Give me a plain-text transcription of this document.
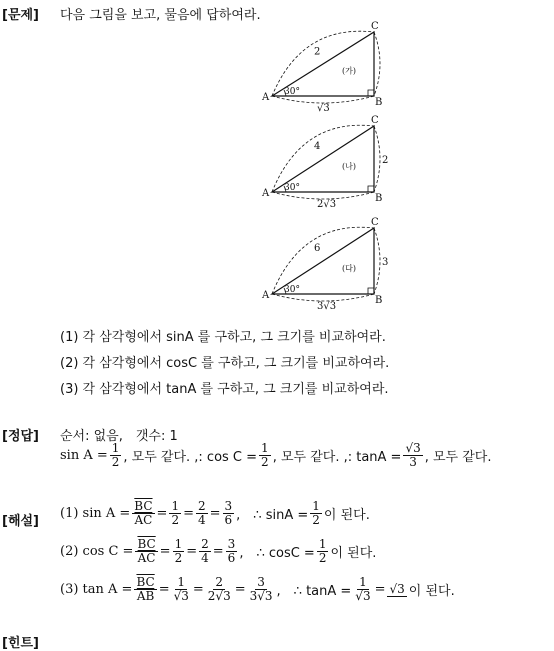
[문제] 다음 그림을 보고, 물음에 답하여라.
A	B
C
30°
2
√3
(가)
A	B
C
30°
4
2√3
2
(나)
A	B
C
30°
6
3√3
3
(다)
(1) 각 삼각형에서 sinA 를 구하고, 그 크기를 비교하여라.
(2) 각 삼각형에서 cosC 를 구하고, 그 크기를 비교하여라.
(3) 각 삼각형에서 tanA 를 구하고, 그 크기를 비교하여라.
[정답] 순서: 없음,　갯수: 1
$\sin A = \frac{1}{2}$ , 모두 같다. ,: $\cos C = \frac{1}{2}$ , 모두 같다. ,: $\tan A = \frac{√3}{3}$ , 모두 같다.
[해설]
(1) $\sin A = \frac{\overline{BC}}{AC} = \frac{1}{2} = \frac{2}{4} = \frac{3}{6}$ ,　∴ $\sin A = \frac{1}{2}$ 이 된다.
(2) $\cos C = \frac{\overline{BC}}{AC} = \frac{1}{2} = \frac{2}{4} = \frac{3}{6}$ ,　∴ $\cos C = \frac{1}{2}$ 이 된다.
(3) $\tan A = \frac{\overline{BC}}{AB} = \frac{1}{√3} = \frac{2}{2√3} = \frac{3}{3√3}$ ,　∴ $\tan A = \frac{1}{√3} = √3$ 이 된다.
[힌트]
